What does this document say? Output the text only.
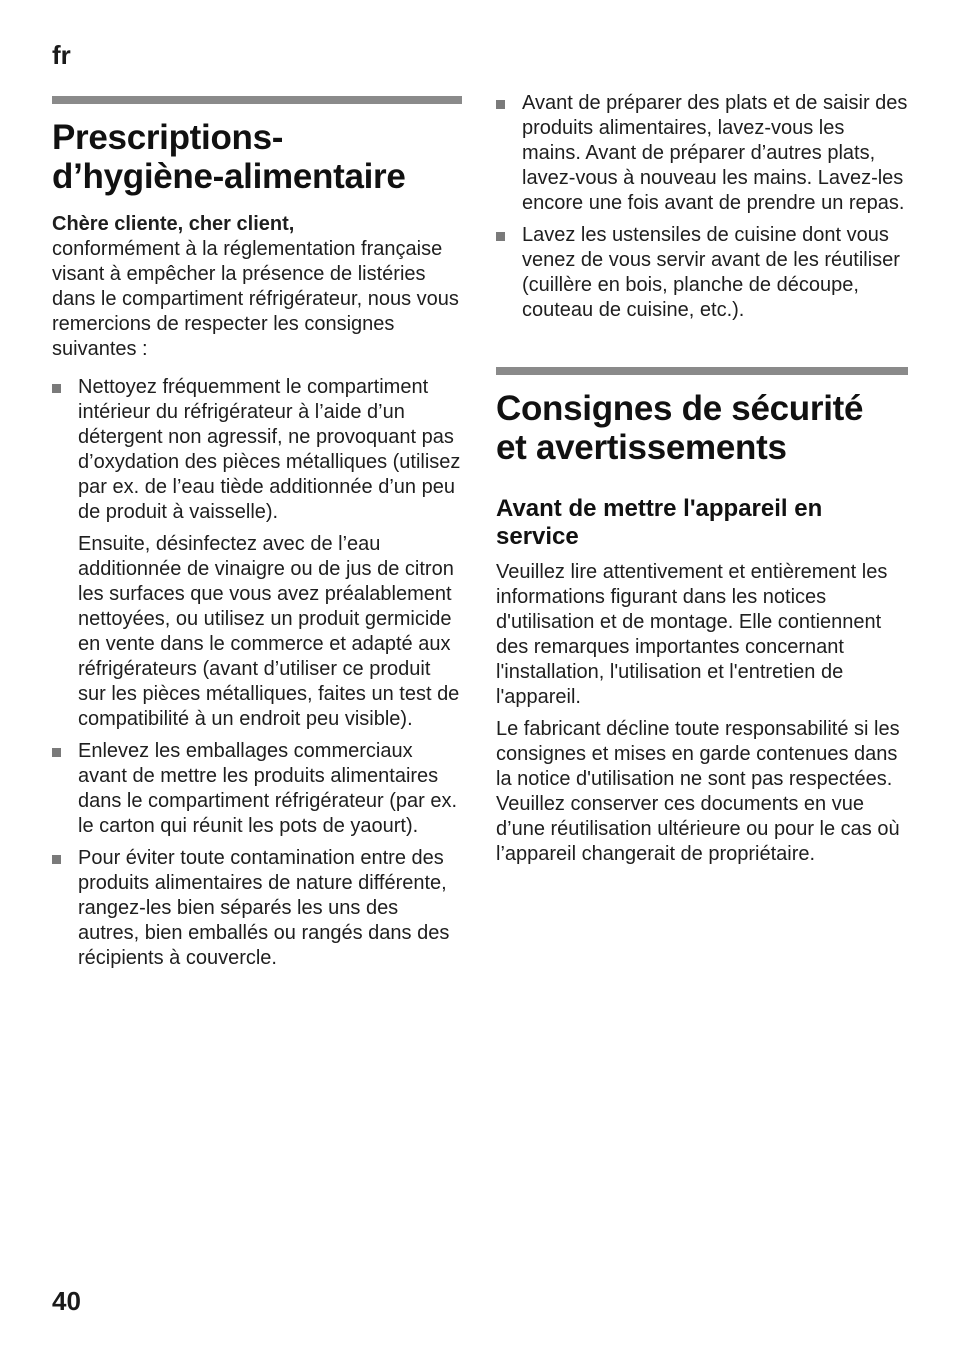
fr
Prescriptions-
d’hygiène-alimentaire

Chère cliente, cher client,

conformément à la réglementation française visant à empêcher la présence de listéries dans le compartiment réfrigérateur, nous vous remercions de respecter les consignes suivantes :

Nettoyez fréquemment le compartiment intérieur du réfrigérateur à l’aide d’un détergent non agressif, ne provoquant pas d’oxydation des pièces métalliques (utilisez par ex. de l’eau tiède additionnée d’un peu de produit à vaisselle).
Ensuite, désinfectez avec de l’eau additionnée de vinaigre ou de jus de citron les surfaces que vous avez préalablement nettoyées, ou utilisez un produit germicide en vente dans le commerce et adapté aux réfrigérateurs (avant d’utiliser ce produit sur les pièces métalliques, faites un test de compatibilité à un endroit peu visible).
Enlevez les emballages commerciaux avant de mettre les produits alimentaires dans le compartiment réfrigérateur (par ex. le carton qui réunit les pots de yaourt).
Pour éviter toute contamination entre des produits alimentaires de nature différente, rangez-les bien séparés les uns des autres, bien emballés ou rangés dans des récipients à couvercle.
Avant de préparer des plats et de saisir des produits alimentaires, lavez-vous les mains. Avant de préparer d’autres plats, lavez-vous à nouveau les mains. Lavez-les encore une fois avant de prendre un repas.
Lavez les ustensiles de cuisine dont vous venez de vous servir avant de les réutiliser (cuillère en bois, planche de découpe, couteau de cuisine, etc.).
Consignes de sécurité
et avertissements
Avant de mettre l'appareil en
service

Veuillez lire attentivement et entièrement les informations figurant dans les notices d'utilisation et de montage. Elle contiennent des remarques importantes concernant l'installation, l'utilisation et l'entretien de l'appareil.

Le fabricant décline toute responsabilité si les consignes et mises en garde contenues dans la notice d'utilisation ne sont pas respectées. Veuillez conserver ces documents en vue d’une réutilisation ultérieure ou pour le cas où l’appareil changerait de propriétaire.

40
